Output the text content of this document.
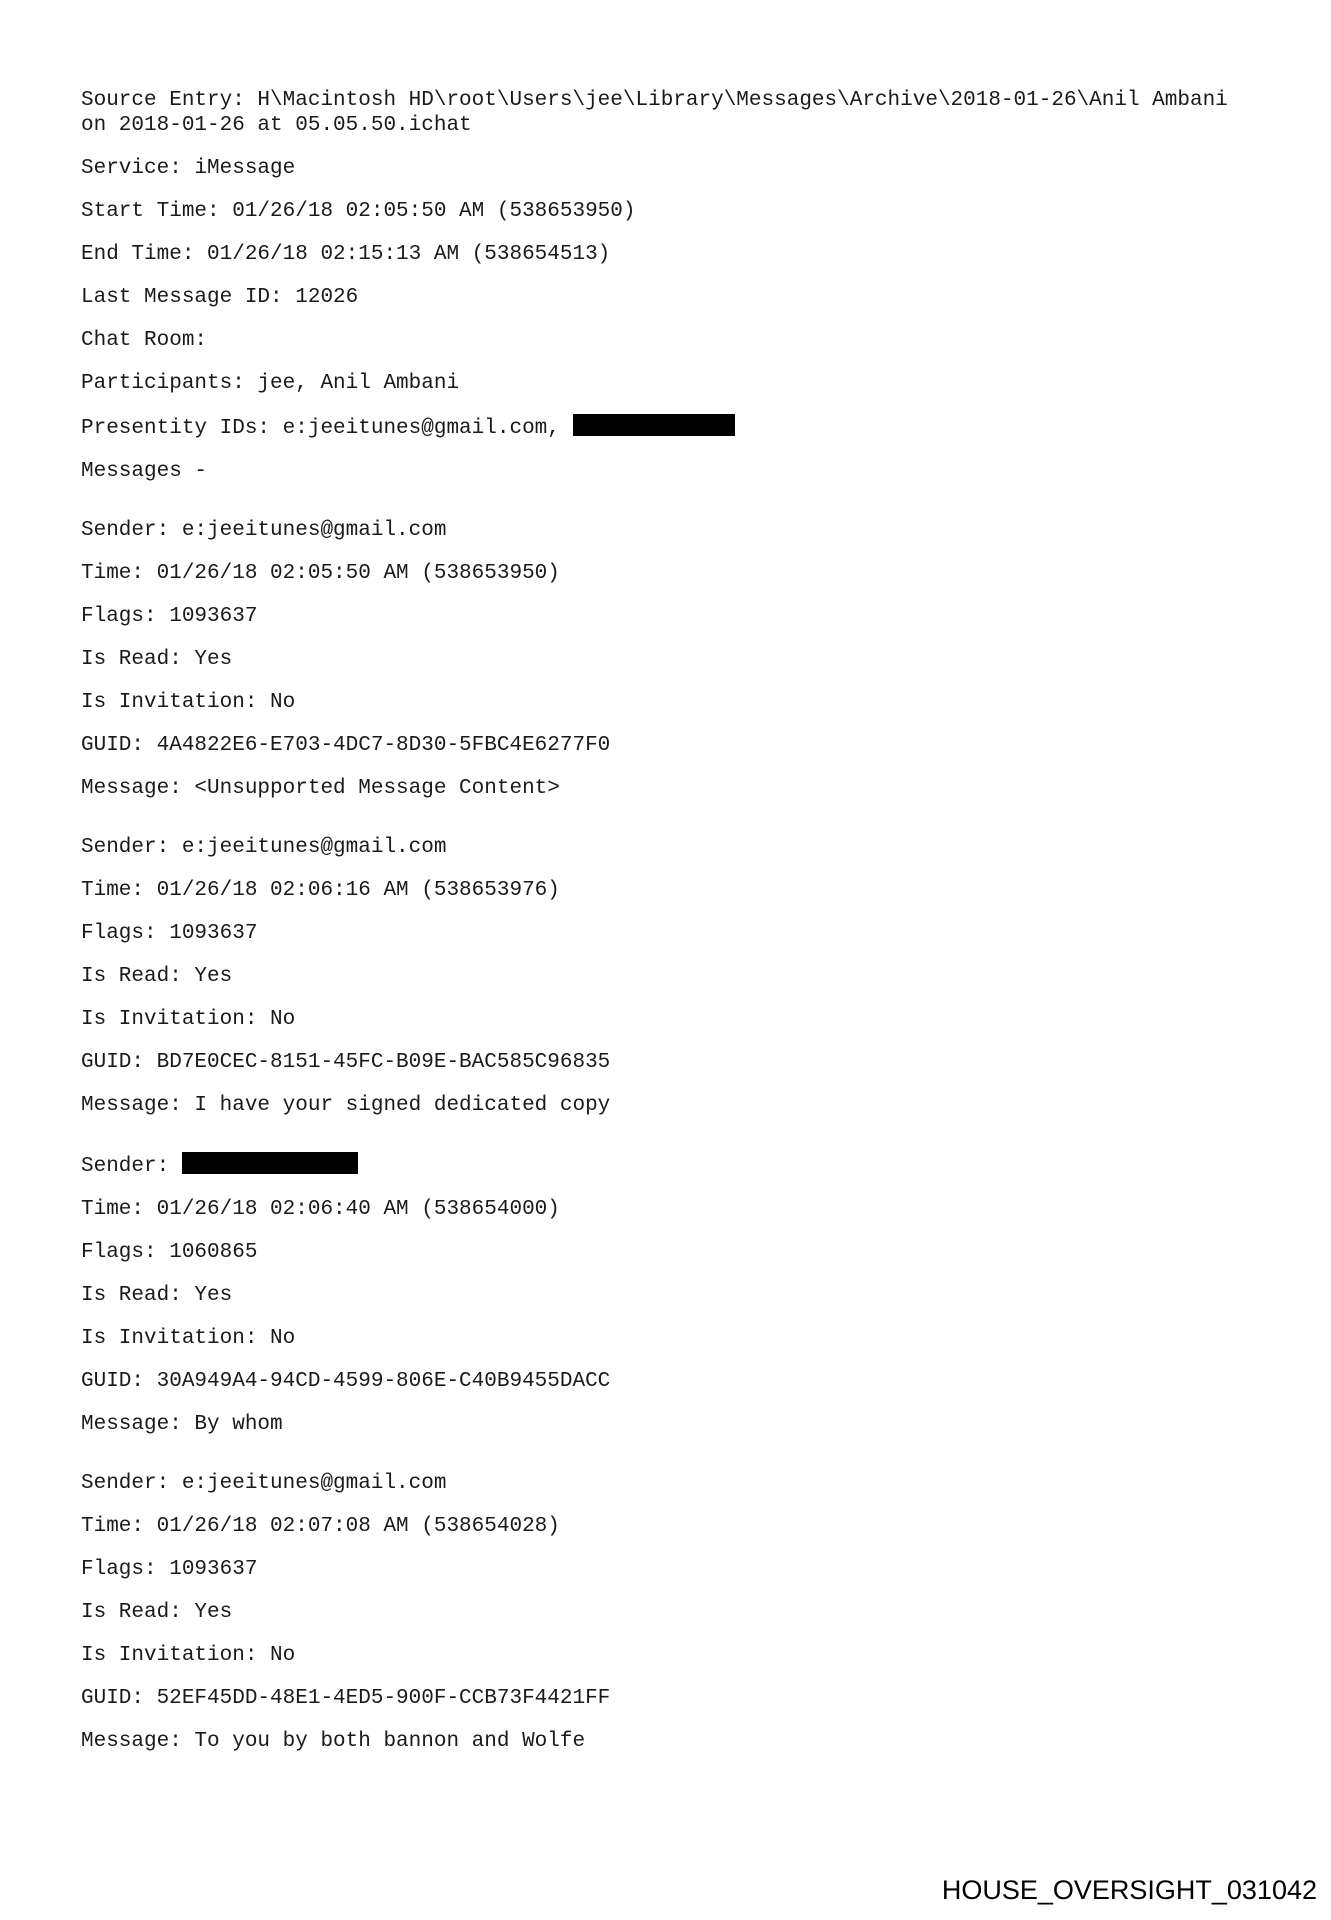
Source Entry: H\Macintosh HD\root\Users\jee\Library\Messages\Archive\2018-01-26\Anil Ambani on 2018-01-26 at 05.05.50.ichat
Service: iMessage
Start Time: 01/26/18 02:05:50 AM (538653950)
End Time: 01/26/18 02:15:13 AM (538654513)
Last Message ID: 12026
Chat Room:
Participants: jee, Anil Ambani
Presentity IDs: e:jeeitunes@gmail.com,
Messages -
Sender: e:jeeitunes@gmail.com
Time: 01/26/18 02:05:50 AM (538653950)
Flags: 1093637
Is Read: Yes
Is Invitation: No
GUID: 4A4822E6-E703-4DC7-8D30-5FBC4E6277F0
Message: <Unsupported Message Content>
Sender: e:jeeitunes@gmail.com
Time: 01/26/18 02:06:16 AM (538653976)
Flags: 1093637
Is Read: Yes
Is Invitation: No
GUID: BD7E0CEC-8151-45FC-B09E-BAC585C96835
Message: I have your signed dedicated copy
Sender:
Time: 01/26/18 02:06:40 AM (538654000)
Flags: 1060865
Is Read: Yes
Is Invitation: No
GUID: 30A949A4-94CD-4599-806E-C40B9455DACC
Message: By whom
Sender: e:jeeitunes@gmail.com
Time: 01/26/18 02:07:08 AM (538654028)
Flags: 1093637
Is Read: Yes
Is Invitation: No
GUID: 52EF45DD-48E1-4ED5-900F-CCB73F4421FF
Message: To you by both bannon and Wolfe
HOUSE_OVERSIGHT_031042
